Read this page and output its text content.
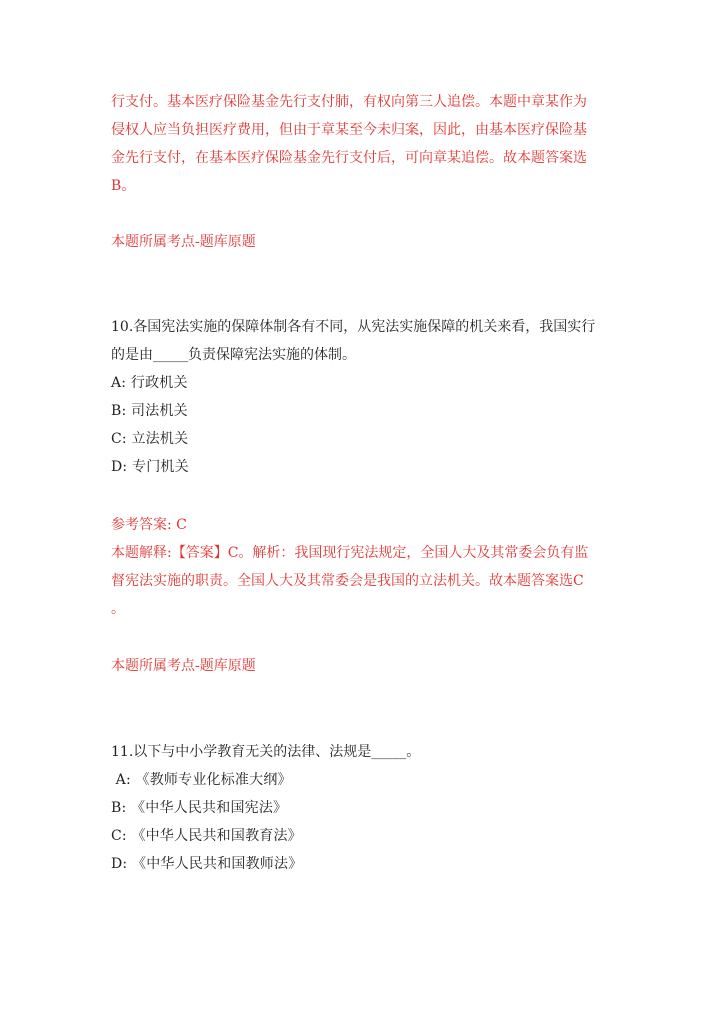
行支付。基本医疗保险基金先行支付肺，有权向第三人追偿。本题中章某作为
侵权人应当负担医疗费用，但由于章某至今未归案，因此，由基本医疗保险基
金先行支付，在基本医疗保险基金先行支付后，可向章某追偿。故本题答案选
B。
本题所属考点-题库原题
10.各国宪法实施的保障体制各有不同，从宪法实施保障的机关来看，我国实行
的是由_____负责保障宪法实施的体制。
A: 行政机关
B: 司法机关
C: 立法机关
D: 专门机关
参考答案: C
本题解释:【答案】C。解析：我国现行宪法规定，全国人大及其常委会负有监
督宪法实施的职责。全国人大及其常委会是我国的立法机关。故本题答案选C
。
本题所属考点-题库原题
11.以下与中小学教育无关的法律、法规是_____。
A: 《教师专业化标准大纲》
B: 《中华人民共和国宪法》
C: 《中华人民共和国教育法》
D: 《中华人民共和国教师法》
